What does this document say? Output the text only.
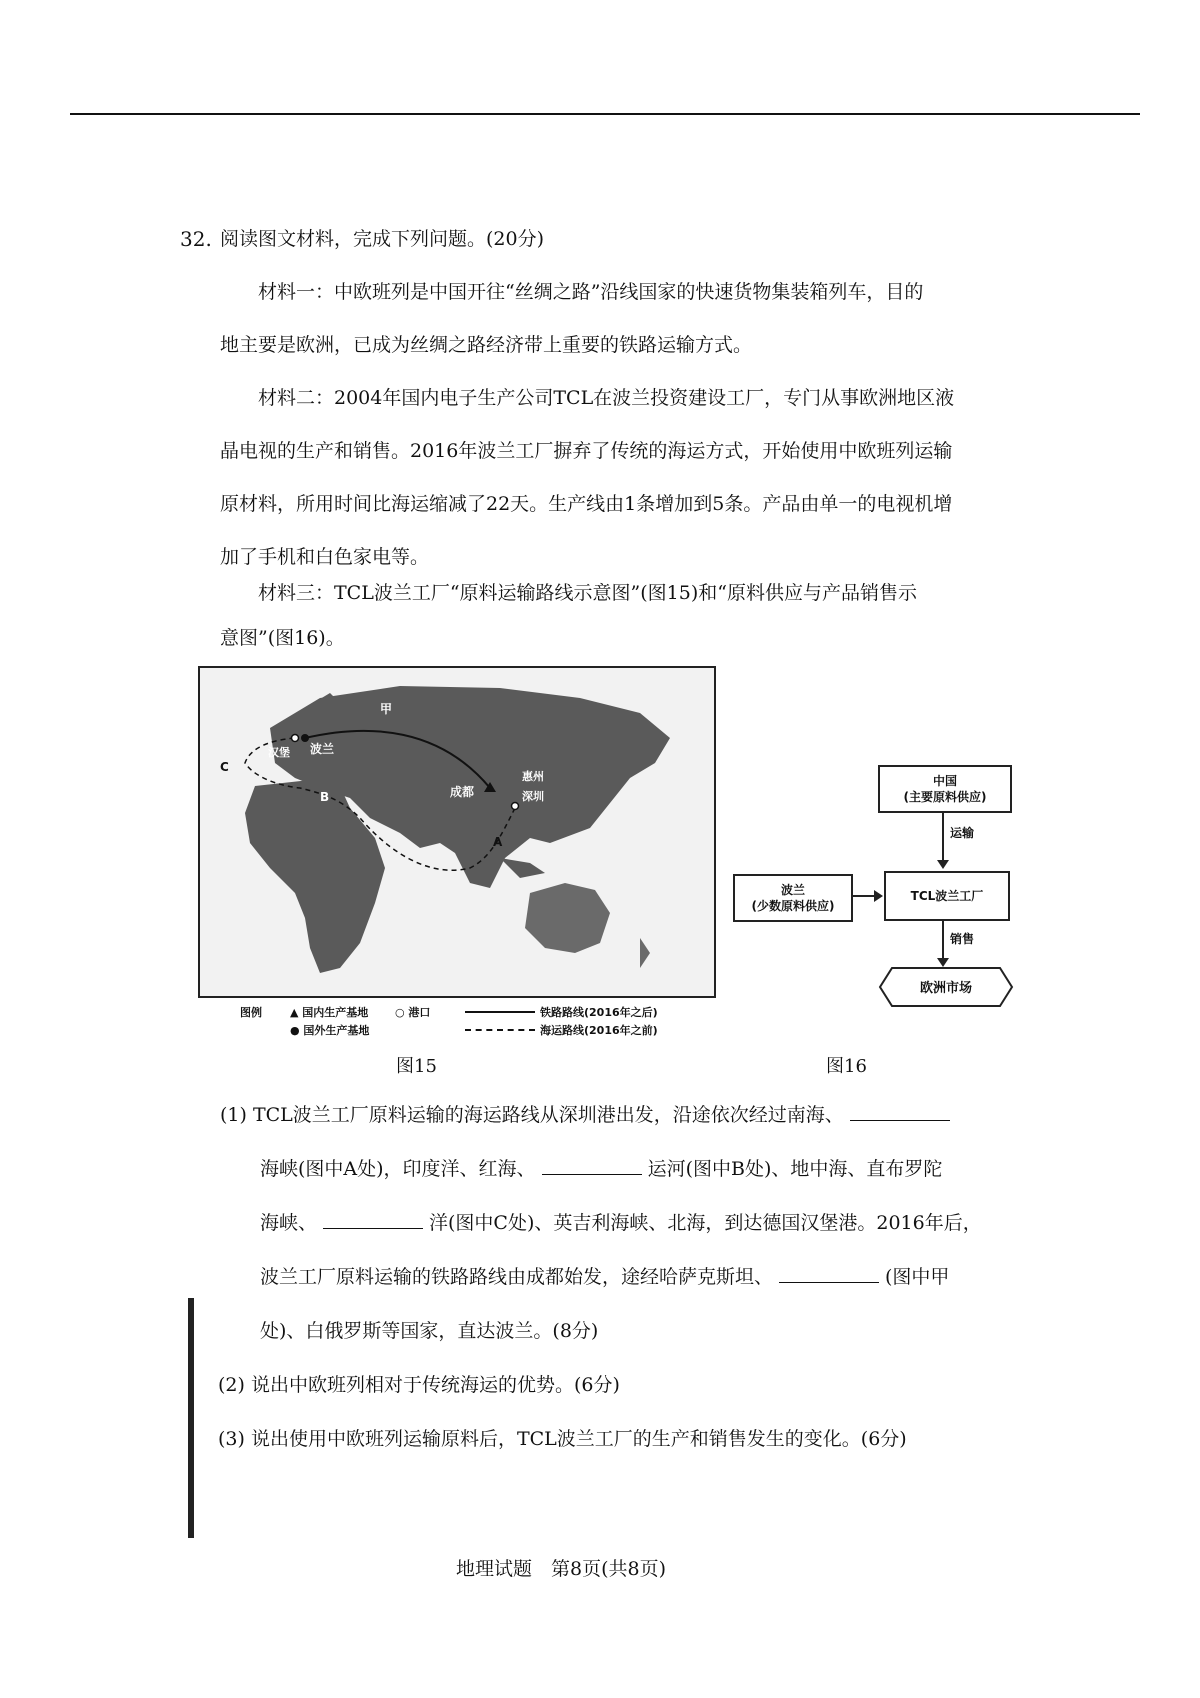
32. 阅读图文材料，完成下列问题。(20分)
材料一：中欧班列是中国开往“丝绸之路”沿线国家的快速货物集装箱列车，目的
地主要是欧洲，已成为丝绸之路经济带上重要的铁路运输方式。
材料二：2004年国内电子生产公司TCL在波兰投资建设工厂，专门从事欧洲地区液
晶电视的生产和销售。2016年波兰工厂摒弃了传统的海运方式，开始使用中欧班列运输
原材料，所用时间比海运缩减了22天。生产线由1条增加到5条。产品由单一的电视机增
加了手机和白色家电等。
材料三：TCL波兰工厂“原料运输路线示意图”(图15)和“原料供应与产品销售示
意图”(图16)。
甲
波兰
汉堡
C
B
A
成都
惠州
深圳
图例	▲ 国内生产基地 ○ 港口	铁路路线(2016年之后)
● 国外生产基地	海运路线(2016年之前)
图15
中国
(主要原料供应)
运输
波兰
(少数原料供应)
TCL波兰工厂
销售
欧洲市场
图16
(1) TCL波兰工厂原料运输的海运路线从深圳港出发，沿途依次经过南海、
海峡(图中A处)，印度洋、红海、	运河(图中B处)、地中海、直布罗陀
海峡、	洋(图中C处)、英吉利海峡、北海，到达德国汉堡港。2016年后，
波兰工厂原料运输的铁路路线由成都始发，途经哈萨克斯坦、	(图中甲
处)、白俄罗斯等国家，直达波兰。(8分)
(2) 说出中欧班列相对于传统海运的优势。(6分)
(3) 说出使用中欧班列运输原料后，TCL波兰工厂的生产和销售发生的变化。(6分)
地理试题　第8页(共8页)
